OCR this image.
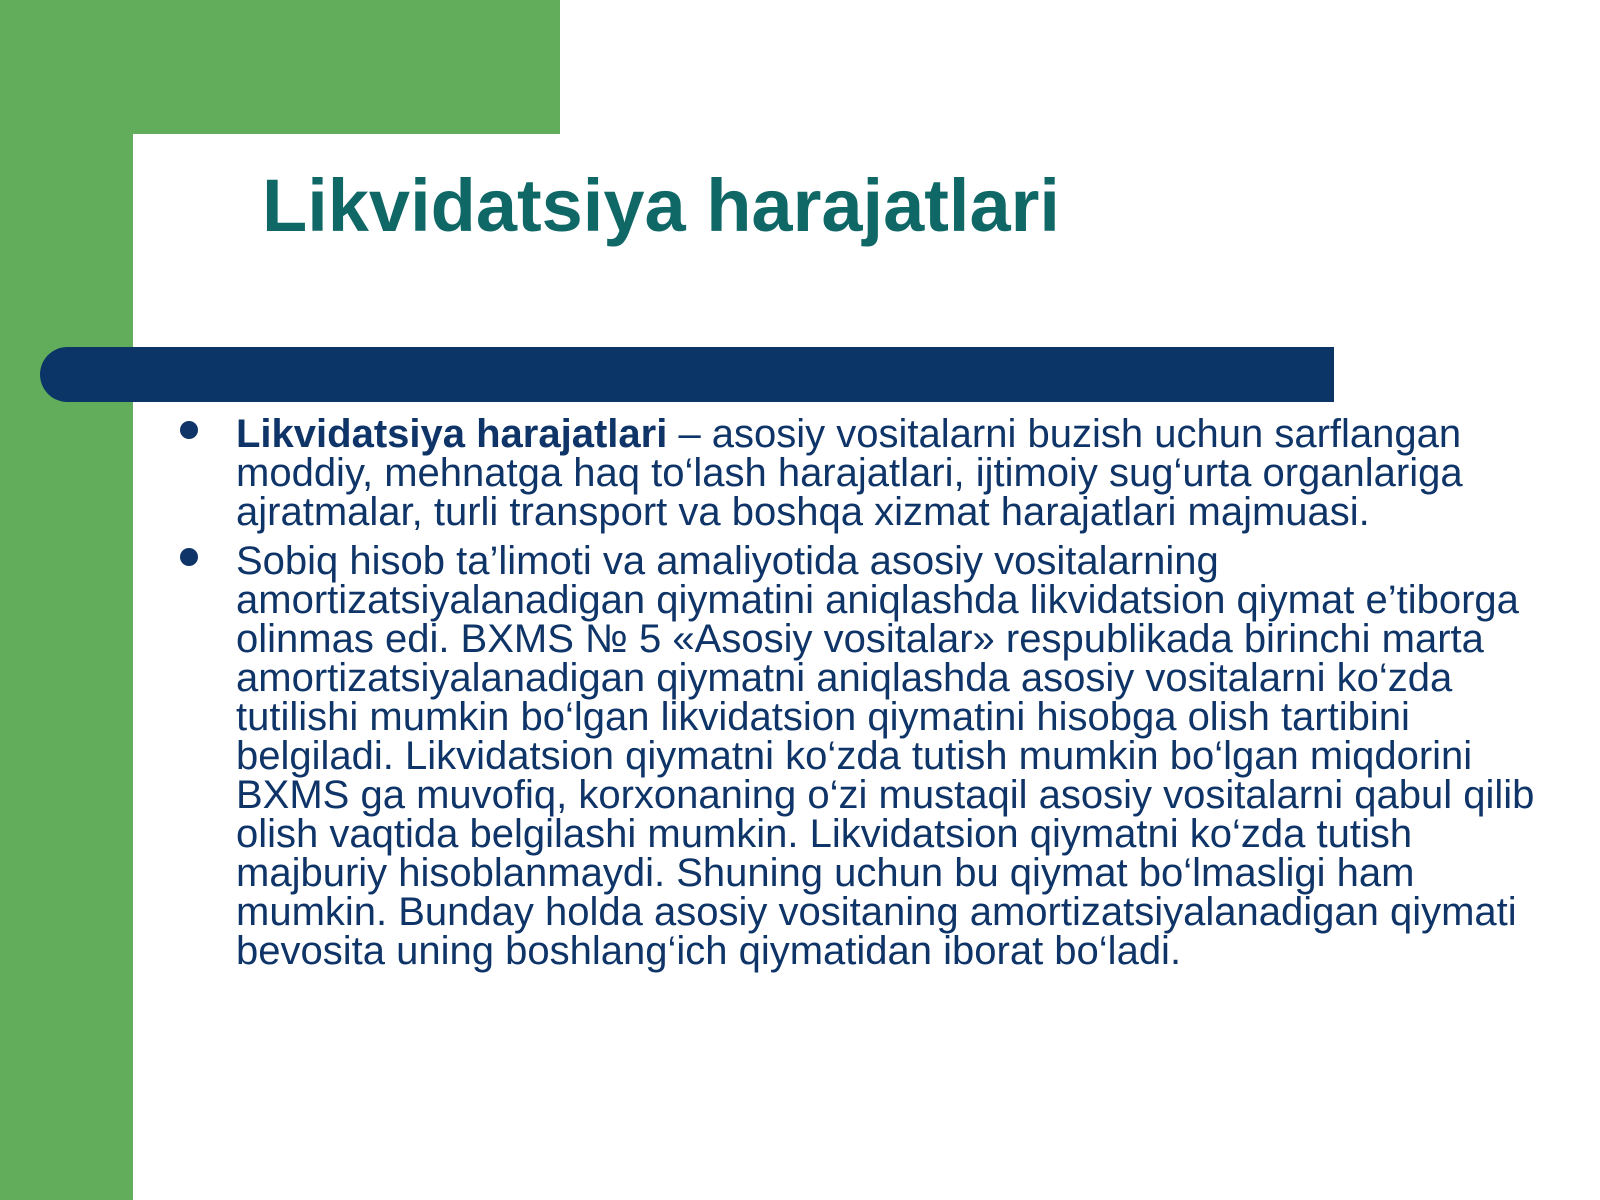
Likvidatsiya harajatlari
Likvidatsiya harajatlari – asosiy vositalarni buzish uchun sarflangan moddiy, mehnatga haq to‘lash harajatlari, ijtimoiy sug‘urta organlariga ajratmalar, turli transport va boshqa xizmat harajatlari majmuasi.
Sobiq hisob ta’limoti va amaliyotida asosiy vositalarning amortizatsiyalanadigan qiymatini aniqlashda likvidatsion qiymat e’tiborga olinmas edi. BXMS № 5 «Asosiy vositalar» respublikada birinchi marta amortizatsiyalanadigan qiymatni aniqlashda asosiy vositalarni ko‘zda tutilishi mumkin bo‘lgan likvidatsion qiymatini hisobga olish tartibini belgiladi. Likvidatsion qiymatni ko‘zda tutish mumkin bo‘lgan miqdorini BXMS ga muvofiq, korxonaning o‘zi mustaqil asosiy vositalarni qabul qilib olish vaqtida belgilashi mumkin. Likvidatsion qiymatni ko‘zda tutish majburiy hisoblanmaydi. Shuning uchun bu qiymat bo‘lmasligi ham mumkin. Bunday holda asosiy vositaning amortizatsiyalanadigan qiymati bevosita uning boshlang‘ich qiymatidan iborat bo‘ladi.
